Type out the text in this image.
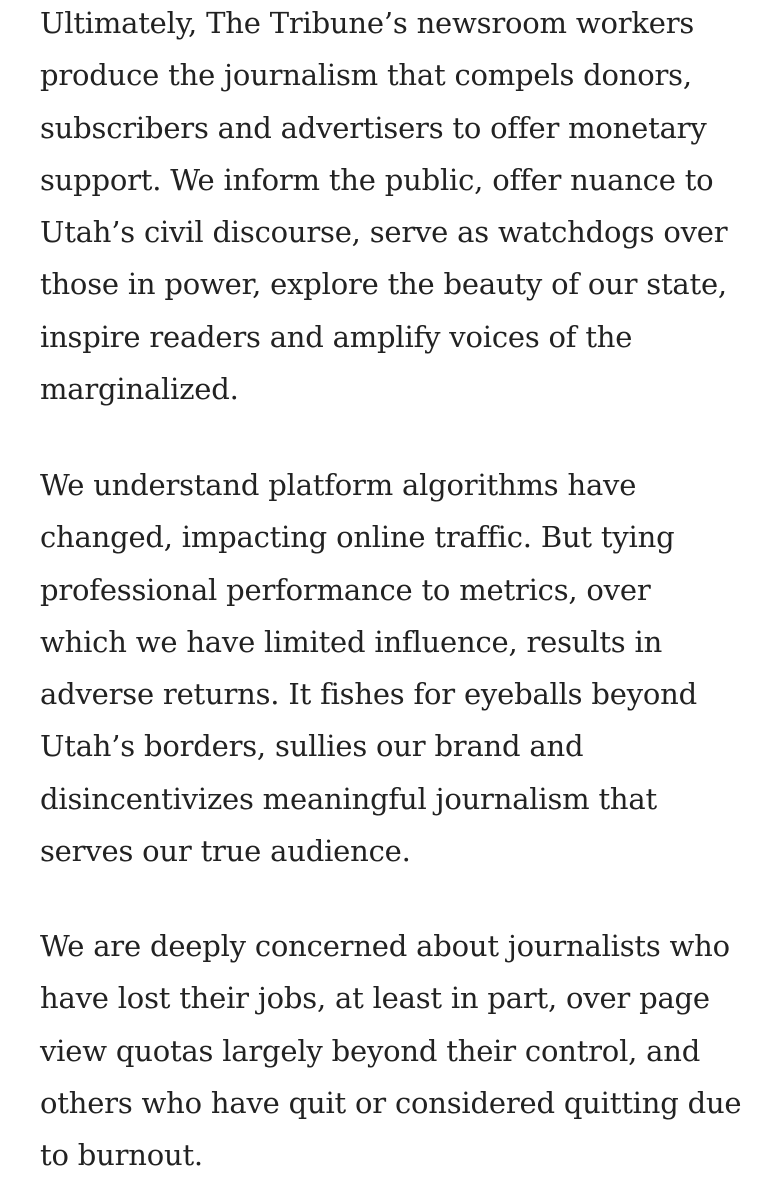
Ultimately, The Tribune’s newsroom workers
produce the journalism that compels donors,
subscribers and advertisers to offer monetary
support. We inform the public, offer nuance to
Utah’s civil discourse, serve as watchdogs over
those in power, explore the beauty of our state,
inspire readers and amplify voices of the
marginalized.

We understand platform algorithms have
changed, impacting online traffic. But tying
professional performance to metrics, over
which we have limited influence, results in
adverse returns. It fishes for eyeballs beyond
Utah’s borders, sullies our brand and
disincentivizes meaningful journalism that
serves our true audience.

We are deeply concerned about journalists who
have lost their jobs, at least in part, over page
view quotas largely beyond their control, and
others who have quit or considered quitting due
to burnout.
